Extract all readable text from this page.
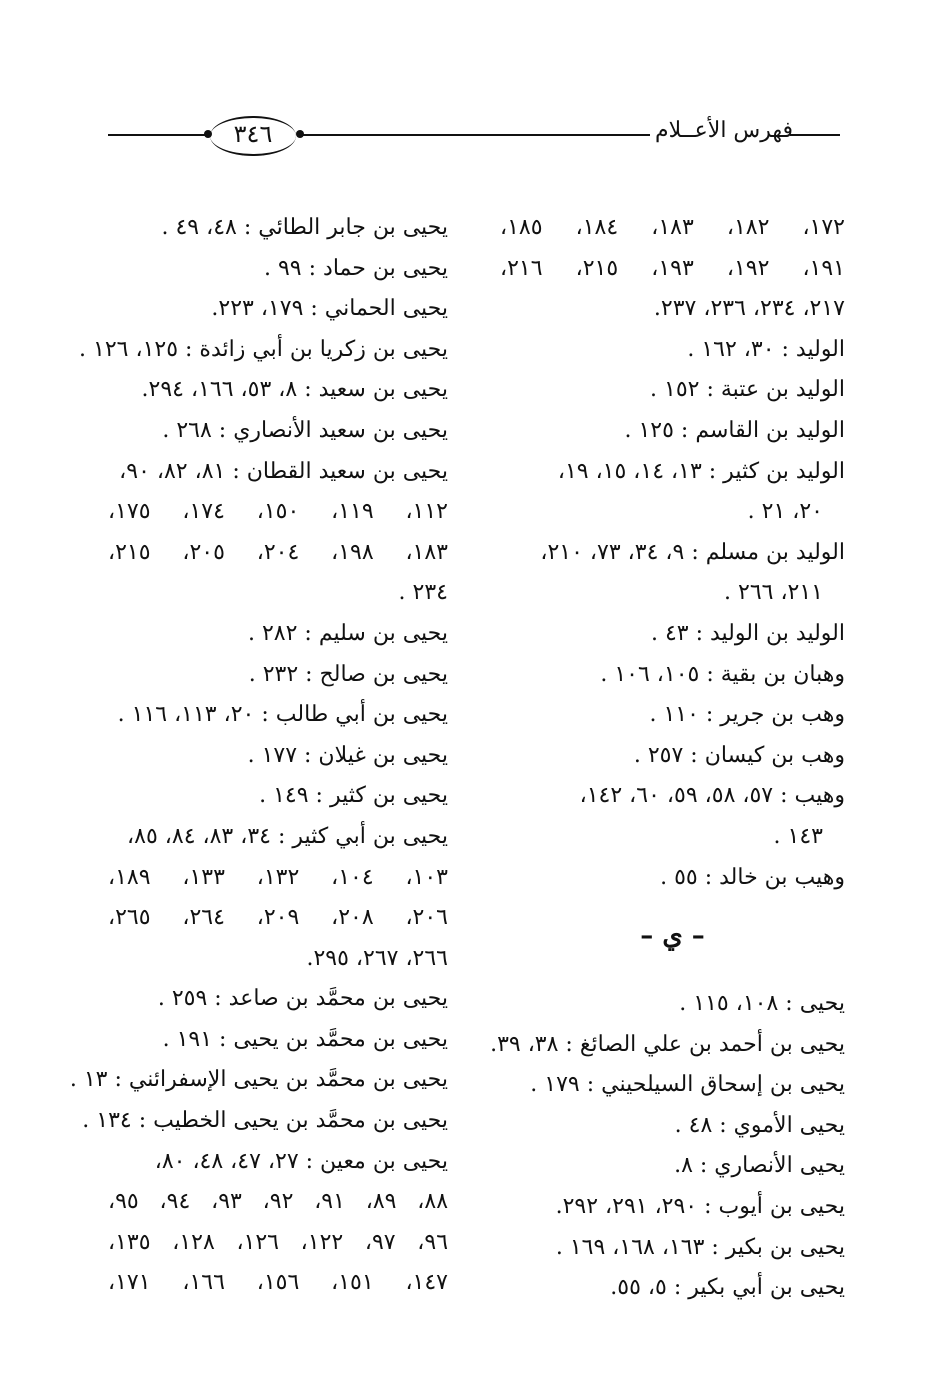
فهرس الأعــلام
٣٤٦
١٧٢، ١٨٢، ١٨٣، ١٨٤، ١٨٥،
١٩١، ١٩٢، ١٩٣، ٢١٥، ٢١٦،
٢١٧، ٢٣٤، ٢٣٦، ٢٣٧.
الوليد : ٣٠، ١٦٢ .
الوليد بن عتبة : ١٥٢ .
الوليد بن القاسم : ١٢٥ .
الوليد بن كثير : ١٣، ١٤، ١٥، ١٩،
٢٠، ٢١ .
الوليد بن مسلم : ٩، ٣٤، ٧٣، ٢١٠،
٢١١، ٢٦٦ .
الوليد بن الوليد : ٤٣ .
وهبان بن بقية : ١٠٥، ١٠٦ .
وهب بن جرير : ١١٠ .
وهب بن كيسان : ٢٥٧ .
وهيب : ٥٧، ٥٨، ٥٩، ٦٠، ١٤٢،
١٤٣ .
وهيب بن خالد : ٥٥ .
– ي –
يحيى : ١٠٨، ١١٥ .
يحيى بن أحمد بن علي الصائغ : ٣٨، ٣٩.
يحيى بن إسحاق السيلحيني : ١٧٩ .
يحيى الأموي : ٤٨ .
يحيى الأنصاري : ٨.
يحيى بن أيوب : ٢٩٠، ٢٩١، ٢٩٢.
يحيى بن بكير : ١٦٣، ١٦٨، ١٦٩ .
يحيى بن أبي بكير : ٥، ٥٥.
يحيى بن جابر الطائي : ٤٨، ٤٩ .
يحيى بن حماد : ٩٩ .
يحيى الحماني : ١٧٩، ٢٢٣.
يحيى بن زكريا بن أبي زائدة : ١٢٥، ١٢٦ .
يحيى بن سعيد : ٨، ٥٣، ١٦٦، ٢٩٤.
يحيى بن سعيد الأنصاري : ٢٦٨ .
يحيى بن سعيد القطان : ٨١، ٨٢، ٩٠،
١١٢، ١١٩، ١٥٠، ١٧٤، ١٧٥،
١٨٣، ١٩٨، ٢٠٤، ٢٠٥، ٢١٥،
٢٣٤ .
يحيى بن سليم : ٢٨٢ .
يحيى بن صالح : ٢٣٢ .
يحيى بن أبي طالب : ٢٠، ١١٣، ١١٦ .
يحيى بن غيلان : ١٧٧ .
يحيى بن كثير : ١٤٩ .
يحيى بن أبي كثير : ٣٤، ٨٣، ٨٤، ٨٥،
١٠٣، ١٠٤، ١٣٢، ١٣٣، ١٨٩،
٢٠٦، ٢٠٨، ٢٠٩، ٢٦٤، ٢٦٥،
٢٦٦، ٢٦٧، ٢٩٥.
يحيى بن محمَّد بن صاعد : ٢٥٩ .
يحيى بن محمَّد بن يحيى : ١٩١ .
يحيى بن محمَّد بن يحيى الإسفرائني : ١٣ .
يحيى بن محمَّد بن يحيى الخطيب : ١٣٤ .
يحيى بن معين : ٢٧، ٤٧، ٤٨، ٨٠،
٨٨، ٨٩، ٩١، ٩٢، ٩٣، ٩٤، ٩٥،
٩٦، ٩٧، ١٢٢، ١٢٦، ١٢٨، ١٣٥،
١٤٧، ١٥١، ١٥٦، ١٦٦، ١٧١،
